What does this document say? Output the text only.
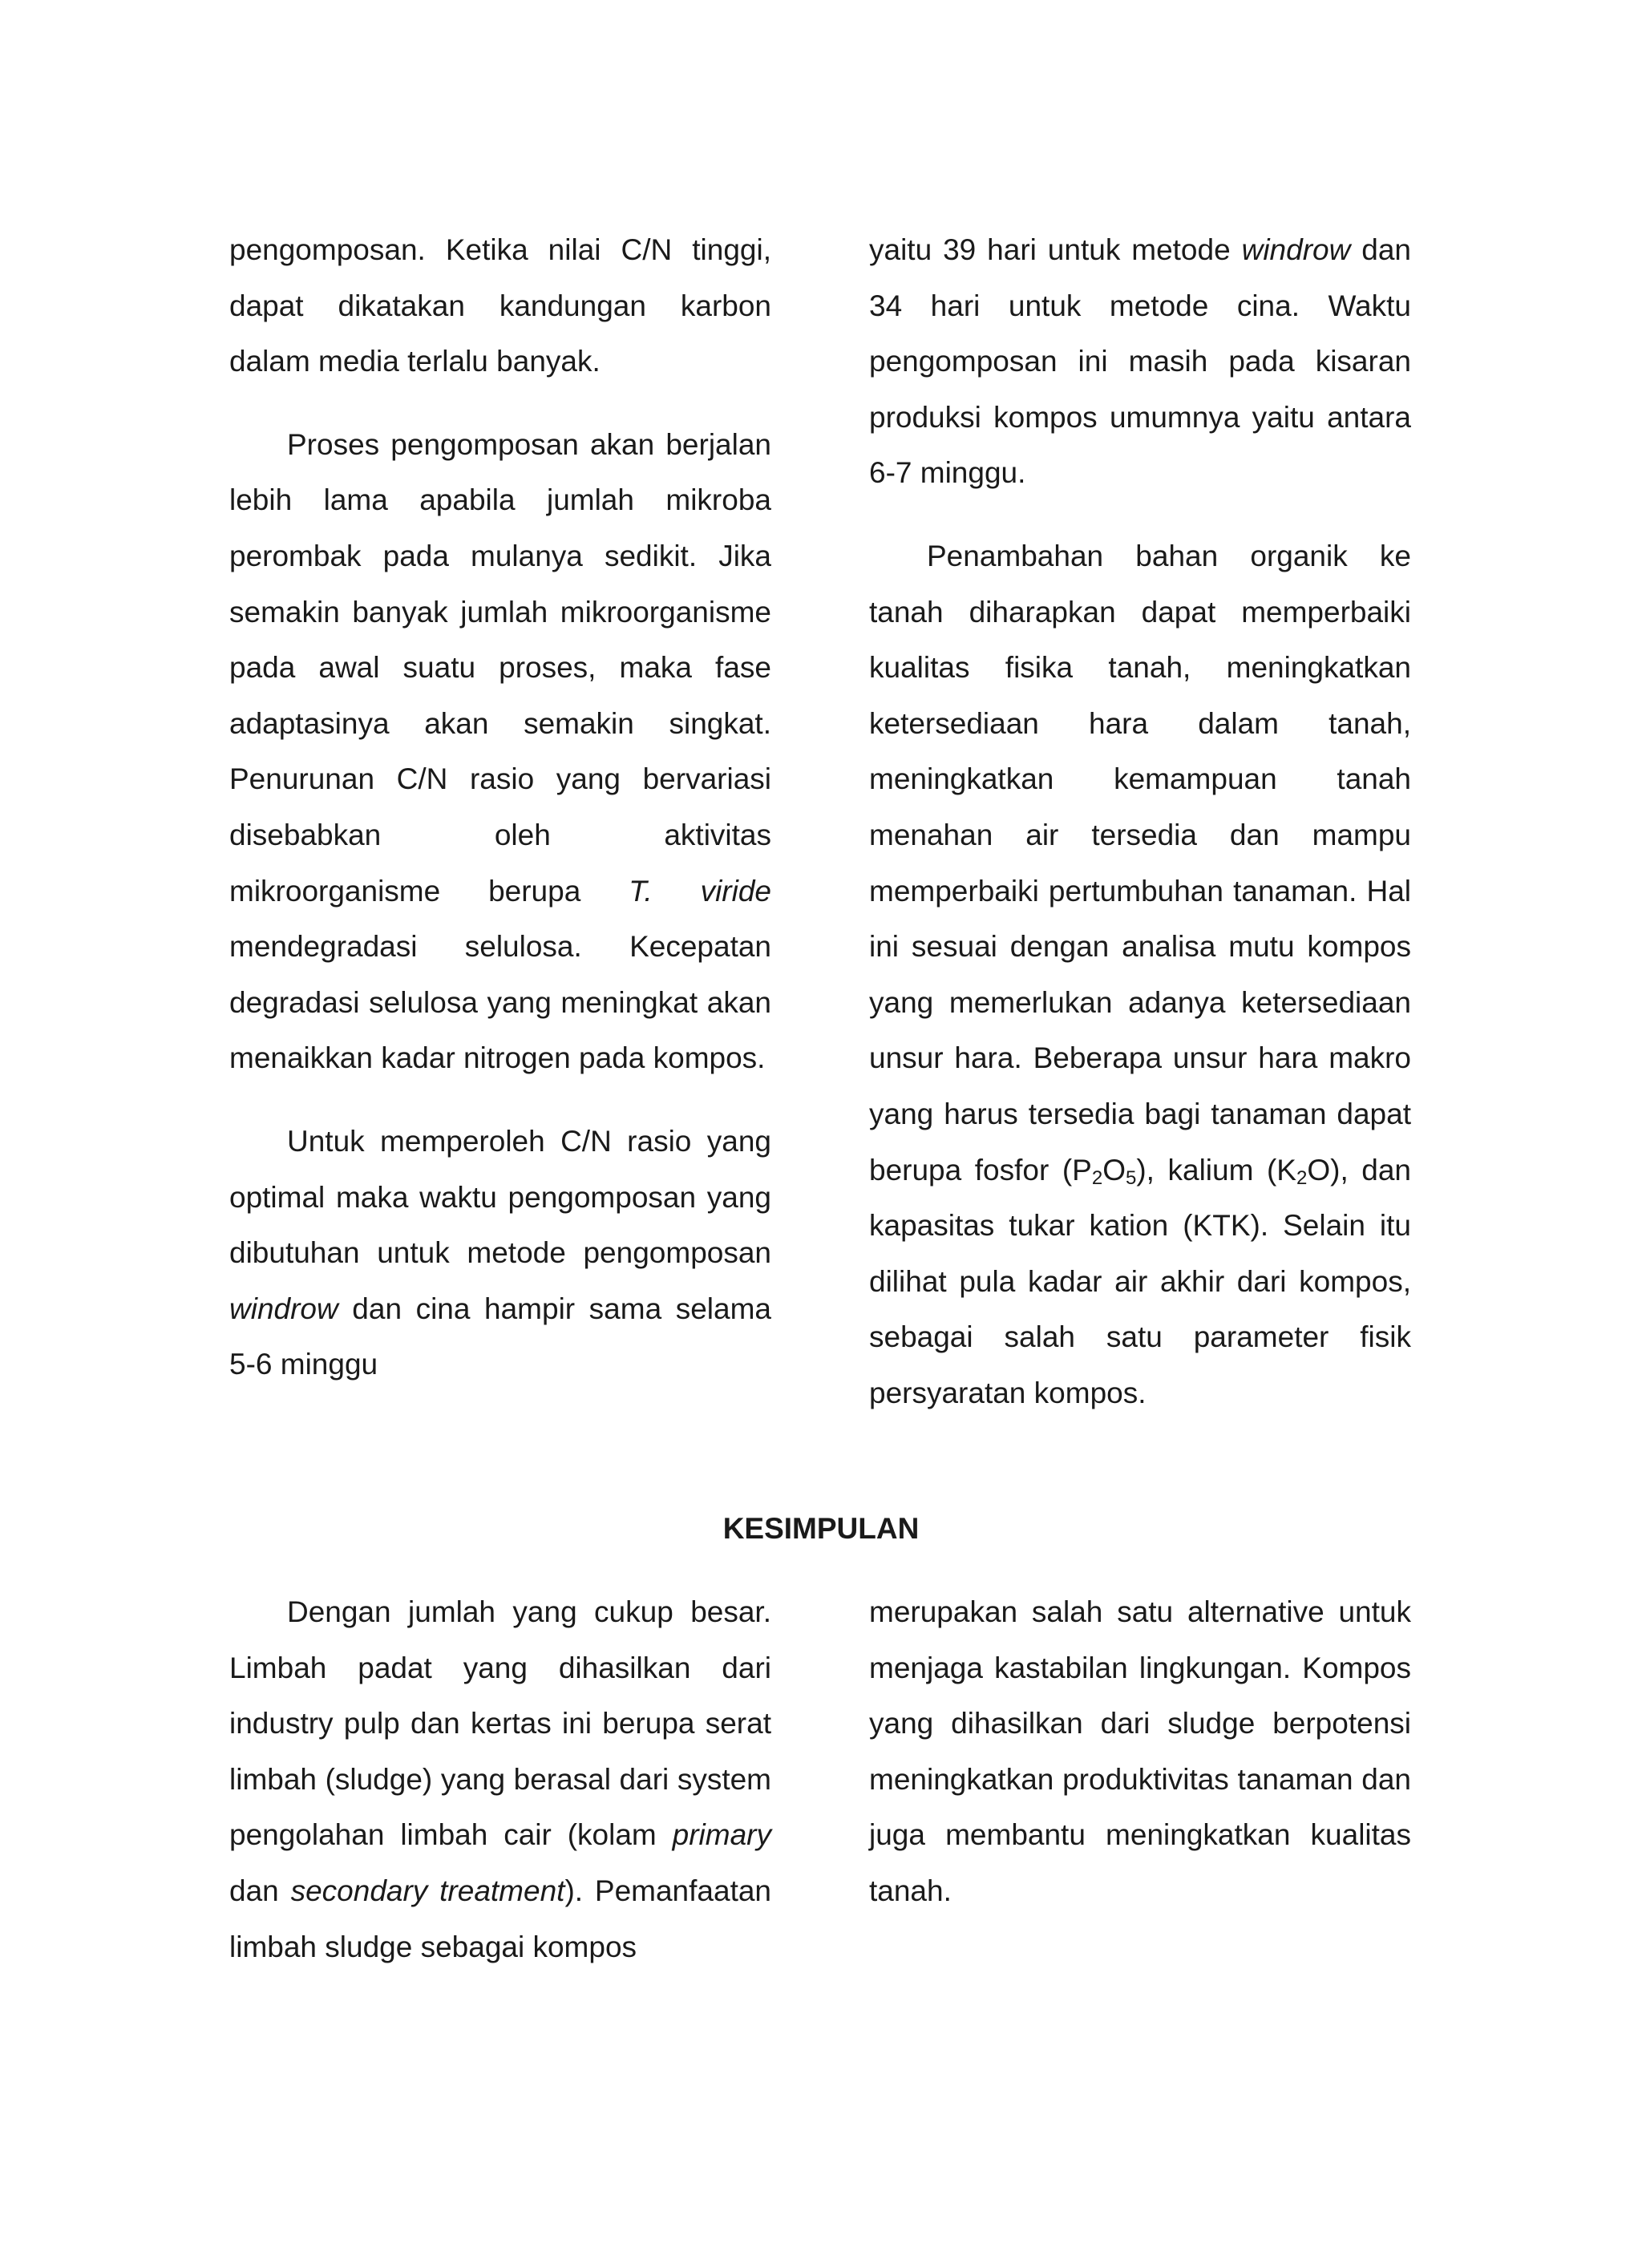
pengomposan. Ketika nilai C/N tinggi, dapat dikatakan kandungan karbon dalam media terlalu banyak.

Proses pengomposan akan berjalan lebih lama apabila jumlah mikroba perombak pada mulanya sedikit. Jika semakin banyak jumlah mikroorganisme pada awal suatu proses, maka fase adaptasinya akan semakin singkat. Penurunan C/N rasio yang bervariasi disebabkan oleh aktivitas mikroorganisme berupa T. viride mendegradasi selulosa. Kecepatan degradasi selulosa yang meningkat akan menaikkan kadar nitrogen pada kompos.

Untuk memperoleh C/N rasio yang optimal maka waktu pengomposan yang dibutuhan untuk metode pengomposan windrow dan cina hampir sama selama 5-6 minggu

yaitu 39 hari untuk metode windrow dan 34 hari untuk metode cina. Waktu pengomposan ini masih pada kisaran produksi kompos umumnya yaitu antara 6-7 minggu.

Penambahan bahan organik ke tanah diharapkan dapat memperbaiki kualitas fisika tanah, meningkatkan ketersediaan hara dalam tanah, meningkatkan kemampuan tanah menahan air tersedia dan mampu memperbaiki pertumbuhan tanaman. Hal ini sesuai dengan analisa mutu kompos yang memerlukan adanya ketersediaan unsur hara. Beberapa unsur hara makro yang harus tersedia bagi tanaman dapat berupa fosfor $(P_2O_5)$, kalium $(K_2O)$, dan kapasitas tukar kation (KTK). Selain itu dilihat pula kadar air akhir dari kompos, sebagai salah satu parameter fisik persyaratan kompos.

KESIMPULAN

Dengan jumlah yang cukup besar. Limbah padat yang dihasilkan dari industry pulp dan kertas ini berupa serat limbah (sludge) yang berasal dari system pengolahan limbah cair (kolam primary dan secondary treatment). Pemanfaatan limbah sludge sebagai kompos

merupakan salah satu alternative untuk menjaga kastabilan lingkungan. Kompos yang dihasilkan dari sludge berpotensi meningkatkan produktivitas tanaman dan juga membantu meningkatkan kualitas tanah.
